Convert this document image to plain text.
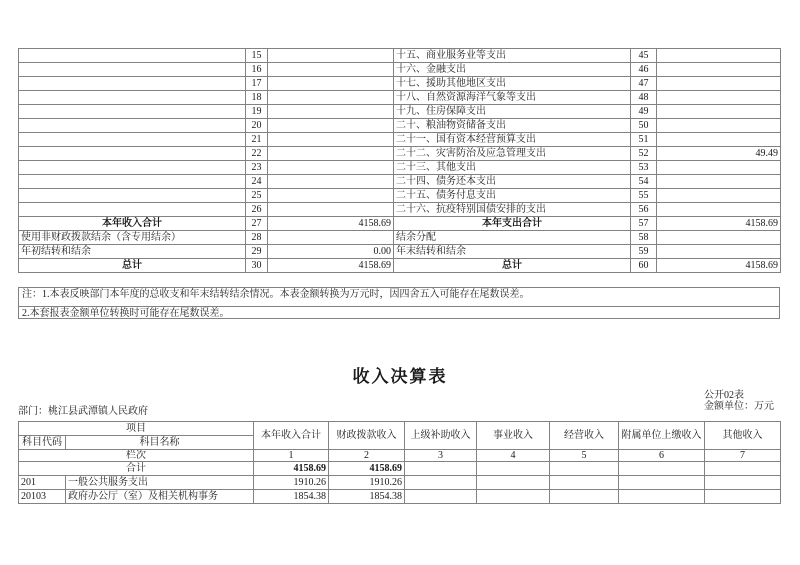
	15		十五、商业服务业等支出	45	
	16		十六、金融支出	46	
	17		十七、援助其他地区支出	47	
	18		十八、自然资源海洋气象等支出	48	
	19		十九、住房保障支出	49	
	20		二十、粮油物资储备支出	50	
	21		二十一、国有资本经营预算支出	51	
	22		二十二、灾害防治及应急管理支出	52	49.49
	23		二十三、其他支出	53	
	24		二十四、债务还本支出	54	
	25		二十五、债务付息支出	55	
	26		二十六、抗疫特别国债安排的支出	56	
本年收入合计	27	4158.69	本年支出合计	57	4158.69
使用非财政拨款结余（含专用结余）	28		结余分配	58	
年初结转和结余	29	0.00	年末结转和结余	59	
总计	30	4158.69	总计	60	4158.69
注：1.本表反映部门本年度的总收支和年末结转结余情况。本表金额转换为万元时，因四舍五入可能存在尾数误差。
2.本套报表金额单位转换时可能存在尾数误差。
收入决算表
公开02表
金额单位：万元
部门：桃江县武潭镇人民政府
项目		本年收入合计	财政拨款收入	上级补助收入	事业收入	经营收入	附属单位上缴收入	其他收入
科目代码	科目名称							
栏次		1	2	3	4	5	6	7
合计		4158.69	4158.69					
201	一般公共服务支出	1910.26	1910.26					
20103	政府办公厅（室）及相关机构事务	1854.38	1854.38					
